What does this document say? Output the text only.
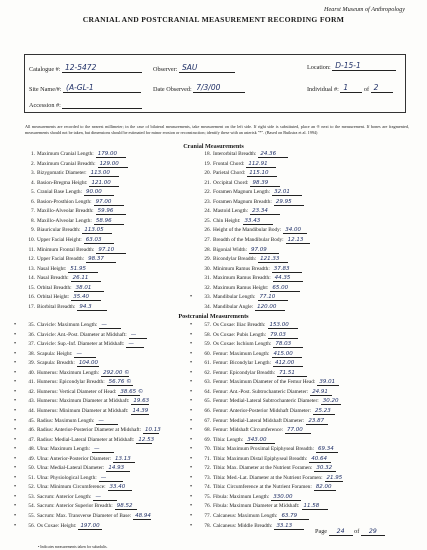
Hearst Museum of Anthropology
CRANIAL AND POSTCRANIAL MEASUREMENT RECORDING FORM
Catalogue #: 12-5472	Observer: SAU	Location: D-15-1
Site Name/#: (A-GL-1	Date Observed: 7/3/00	Individual #: 1	of 2
Accession #:
All measurements are recorded to the nearest millimeter; in the case of bilateral measurements, take measurement on the left side. If right side is substituted, place an ® next to the measurement. If bones are fragmented, measurements should not be taken, but dimensions should be estimated for minor erosion or reconstruction; identify these with an asterisk "*". (Based on Buikstra et al. 1994)
Cranial Measurements
1. Maximum Cranial Length: 179.00
2. Maximum Cranial Breadth: 129.00
3. Bizygomatic Diameter: 113.00
4. Basion-Bregma Height: 121.00
5. Cranial Base Length: 90.00
6. Basion-Prosthion Length: 97.00
7. Maxillo-Alveolar Breadth: 59.96
8. Maxillo-Alveolar Length: 58.96
9. Biauricular Breadth: 113.05
10. Upper Facial Height: 63.03
11. Minimum Frontal Breadth: 97.10
12. Upper Facial Breadth: 98.37
13. Nasal Height: 51.95
14. Nasal Breadth: 26.11
15. Orbital Breadth: 38.01
16. Orbital Height: 35.40
17. Biorbital Breadth: 94.3
18. Interorbital Breadth: 24.36
19. Frontal Chord: 112.91
20. Parietal Chord: 115.10
21. Occipital Chord: 98.39
22. Foramen Magnum Length: 32.01
23. Foramen Magnum Breadth: 29.95
24. Mastoid Length: 23.34
25. Chin Height: 33.43
26. Height of the Mandibular Body: 34.00
27. Breadth of the Mandibular Body: 12.13
28. Bigonial Width: 97.09
29. Bicondylar Breadth: 121.33
30. Minimum Ramus Breadth: 37.83
31. Maximum Ramus Breadth: 44.35
32. Maximum Ramus Height: 65.00
•	33. Mandibular Length: 77.10
34. Mandibular Angle: 120.00
Postcranial Measurements
•	35. Clavicle: Maximum Length: —
•	36. Clavicle: Ant.-Post. Diameter at Midshaft: —
•	37. Clavicle: Sup.-Inf. Diameter at Midshaft: —
•	38. Scapula: Height: —
•	39. Scapula: Breadth: 104.00
•	40. Humerus: Maximum Length: 292.00 ©
•	41. Humerus: Epicondylar Breadth: 56.76 ©
•	42. Humerus: Vertical Diameter of Head: 38.65 ©
•	43. Humerus: Maximum Diameter at Midshaft: 19.63
•	44. Humerus: Minimum Diameter at Midshaft: 14.39
•	45. Radius: Maximum Length: —
•	46. Radius: Anterior-Posterior Diameter at Midshaft: 10.13
•	47. Radius: Medial-Lateral Diameter at Midshaft: 12.53
•	48. Ulna: Maximum Length: —
•	49. Ulna: Anterior-Posterior Diameter: 13.13
•	50. Ulna: Medial-Lateral Diameter: 14.93
•	51. Ulna: Physiological Length: —
•	52. Ulna: Minimum Circumference: 33.40
•	53. Sacrum: Anterior Length: —
•	54. Sacrum: Anterior Superior Breadth: 98.52
•	55. Sacrum: Max. Transverse Diameter of Base: 48.94
•	56. Os Coxae: Height: 197.00
•	57. Os Coxae: Iliac Breadth: 153.00
•	58. Os Coxae: Pubis Length: 79.03
•	59. Os Coxae: Ischium Length: 78.03
•	60. Femur: Maximum Length: 415.00
•	61. Femur: Bicondylar Length: 412.00
•	62. Femur: Epicondylar Breadth: 71.51
•	63. Femur: Maximum Diameter of the Femur Head: 39.01
•	64. Femur: Ant.-Post. Subtrochanteric Diameter: 24.91
•	65. Femur: Medial-Lateral Subtrochanteric Diameter: 30.20
•	66. Femur: Anterior-Posterior Midshaft Diameter: 25.23
•	67. Femur: Medial-Lateral Midshaft Diameter: 23.87
•	68. Femur: Midshaft Circumference: 77.00
•	69. Tibia: Length: 343.00
•	70. Tibia: Maximum Proximal Epiphyseal Breadth: 69.34
•	71. Tibia: Maximum Distal Epiphyseal Breadth: 40.64
•	72. Tibia: Max. Diameter at the Nutrient Foramen: 30.32
•	73. Tibia: Med.-Lat. Diameter at the Nutrient Foramen: 21.95
•	74. Tibia: Circumference at the Nutrient Foramen: 82.00
•	75. Fibula: Maximum Length: 330.00
•	76. Fibula: Maximum Diameter at Midshaft: 11.58
•	77. Calcaneus: Maximum Length: 63.79
•	78. Calcaneus: Middle Breadth: 33.13
Page 24 of 29
• Indicates measurements taken for subadults.
